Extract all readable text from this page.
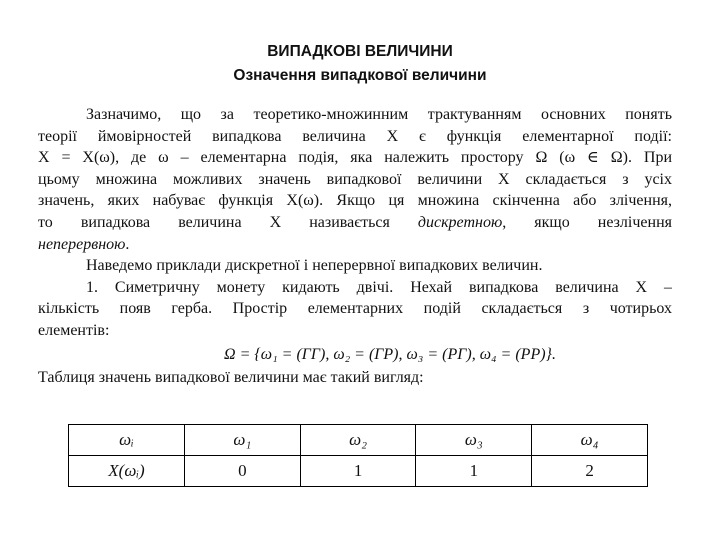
ВИПАДКОВІ ВЕЛИЧИНИ
Означення випадкової величини
Зазначимо, що за теоретико-множинним трактуванням основних понять
теорії ймовірностей випадкова величина X є функція елементарної події:
X = X(ω), де ω – елементарна подія, яка належить простору Ω (ω ∈ Ω). При
цьому множина можливих значень випадкової величини X складається з усіх
значень, яких набуває функція X(ω). Якщо ця множина скінченна або злічення,
то випадкова величина X називається дискретною, якщо незлічення
неперервною.
Наведемо приклади дискретної і неперервної випадкових величин.
1. Симетричну монету кидають двічі. Нехай випадкова величина X –
кількість появ герба. Простір елементарних подій складається з чотирьох
елементів:
Ω = {ω₁ = (ГГ), ω₂ = (ГР), ω₃ = (РГ), ω₄ = (РР)}.
Таблиця значень випадкової величини має такий вигляд:
ωᵢ	ω₁	ω₂	ω₃	ω₄
X(ωᵢ)	0	1	1	2
